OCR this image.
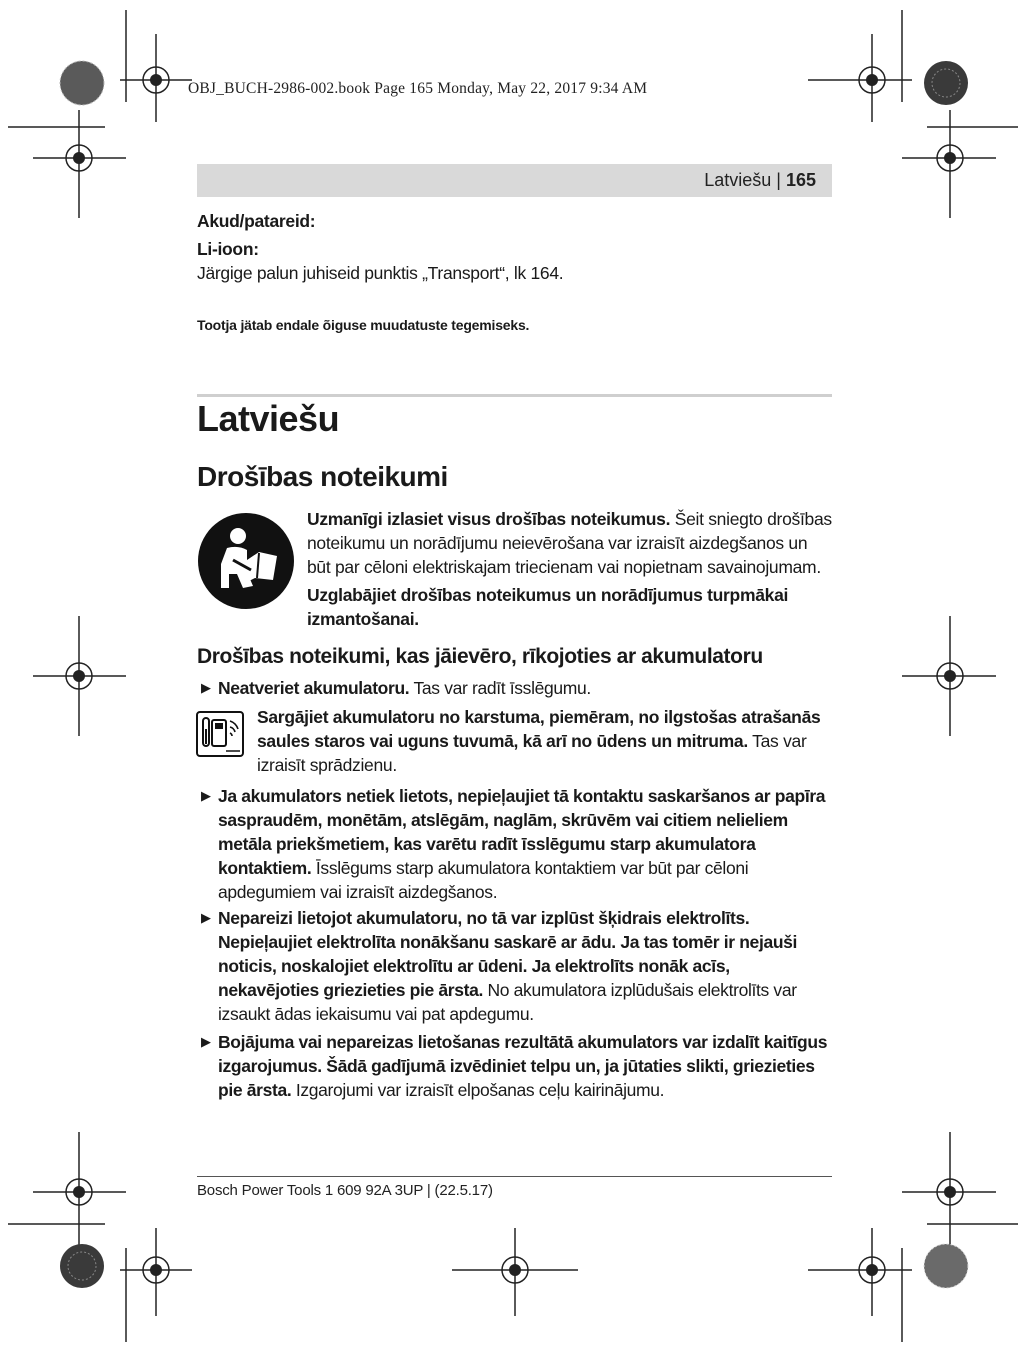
OBJ_BUCH-2986-002.book Page 165 Monday, May 22, 2017 9:34 AM
Latviešu | 165

Akud/patareid:

Li-ioon:

Järgige palun juhiseid punktis „Transport“, lk 164.

Tootja jätab endale õiguse muudatuste tegemiseks.
Latviešu
Drošības noteikumi

Uzmanīgi izlasiet visus drošības noteikumus. Šeit sniegto drošības noteikumu un norādījumu neievērošana var izraisīt aizdegšanos un būt par cēloni elektriskajam triecienam vai nopietnam savainojumam.

Uzglabājiet drošības noteikumus un norādījumus turpmākai izmantošanai.

Drošības noteikumi, kas jāievēro, rīkojoties ar akumulatoru
▶ Neatveriet akumulatoru. Tas var radīt īsslēgumu.
Sargājiet akumulatoru no karstuma, piemēram, no ilgstošas atrašanās saules staros vai uguns tuvumā, kā arī no ūdens un mitruma. Tas var izraisīt sprādzienu.
▶ Ja akumulators netiek lietots, nepieļaujiet tā kontaktu saskaršanos ar papīra saspraudēm, monētām, atslēgām, naglām, skrūvēm vai citiem nelieliem metāla priekšmetiem, kas varētu radīt īsslēgumu starp akumulatora kontaktiem. Īsslēgums starp akumulatora kontaktiem var būt par cēloni apdegumiem vai izraisīt aizdegšanos.
▶ Nepareizi lietojot akumulatoru, no tā var izplūst šķidrais elektrolīts. Nepieļaujiet elektrolīta nonākšanu saskarē ar ādu. Ja tas tomēr ir nejauši noticis, noskalojiet elektrolītu ar ūdeni. Ja elektrolīts nonāk acīs, nekavējoties griezieties pie ārsta. No akumulatora izplūdušais elektrolīts var izsaukt ādas iekaisumu vai pat apdegumu.
▶ Bojājuma vai nepareizas lietošanas rezultātā akumulators var izdalīt kaitīgus izgarojumus. Šādā gadījumā izvēdiniet telpu un, ja jūtaties slikti, griezieties pie ārsta. Izgarojumi var izraisīt elpošanas ceļu kairinājumu.
Bosch Power Tools 1 609 92A 3UP | (22.5.17)
